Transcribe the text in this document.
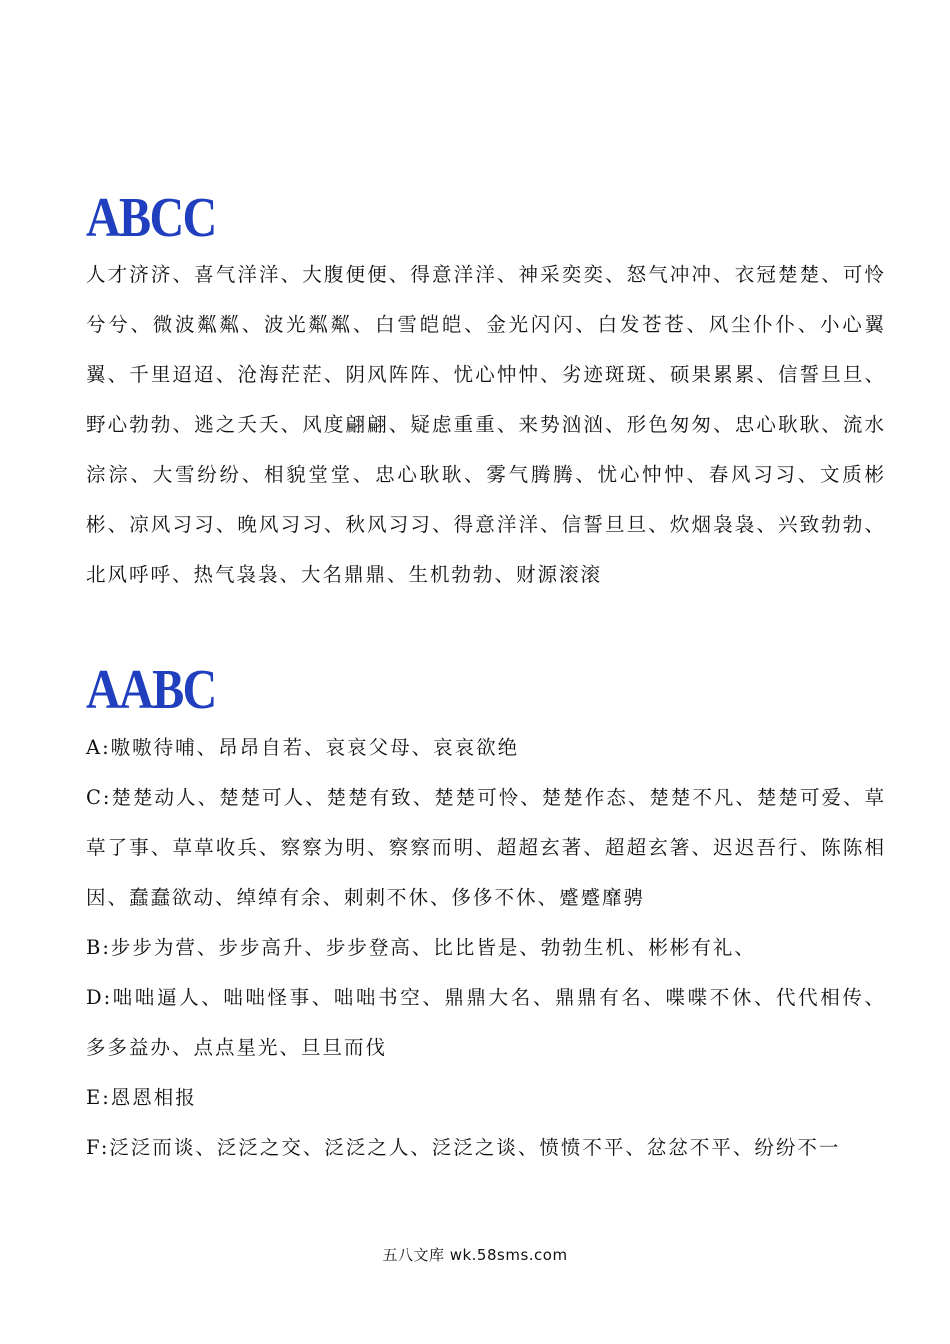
ABCC

人才济济、喜气洋洋、大腹便便、得意洋洋、神采奕奕、怒气冲冲、衣冠楚楚、可怜兮兮、微波粼粼、波光粼粼、白雪皑皑、金光闪闪、白发苍苍、风尘仆仆、小心翼翼、千里迢迢、沧海茫茫、阴风阵阵、忧心忡忡、劣迹斑斑、硕果累累、信誓旦旦、野心勃勃、逃之夭夭、风度翩翩、疑虑重重、来势汹汹、形色匆匆、忠心耿耿、流水淙淙、大雪纷纷、相貌堂堂、忠心耿耿、雾气腾腾、忧心忡忡、春风习习、文质彬彬、凉风习习、晚风习习、秋风习习、得意洋洋、信誓旦旦、炊烟袅袅、兴致勃勃、北风呼呼、热气袅袅、大名鼎鼎、生机勃勃、财源滚滚

AABC

A:嗷嗷待哺、昂昂自若、哀哀父母、哀哀欲绝

C:楚楚动人、楚楚可人、楚楚有致、楚楚可怜、楚楚作态、楚楚不凡、楚楚可爱、草草了事、草草收兵、察察为明、察察而明、超超玄著、超超玄箸、迟迟吾行、陈陈相因、蠢蠢欲动、绰绰有余、刺刺不休、侈侈不休、蹙蹙靡骋

B:步步为营、步步高升、步步登高、比比皆是、勃勃生机、彬彬有礼、

D:咄咄逼人、咄咄怪事、咄咄书空、鼎鼎大名、鼎鼎有名、喋喋不休、代代相传、多多益办、点点星光、旦旦而伐

E:恩恩相报

F:泛泛而谈、泛泛之交、泛泛之人、泛泛之谈、愤愤不平、忿忿不平、纷纷不一

五八文库 wk.58sms.com
